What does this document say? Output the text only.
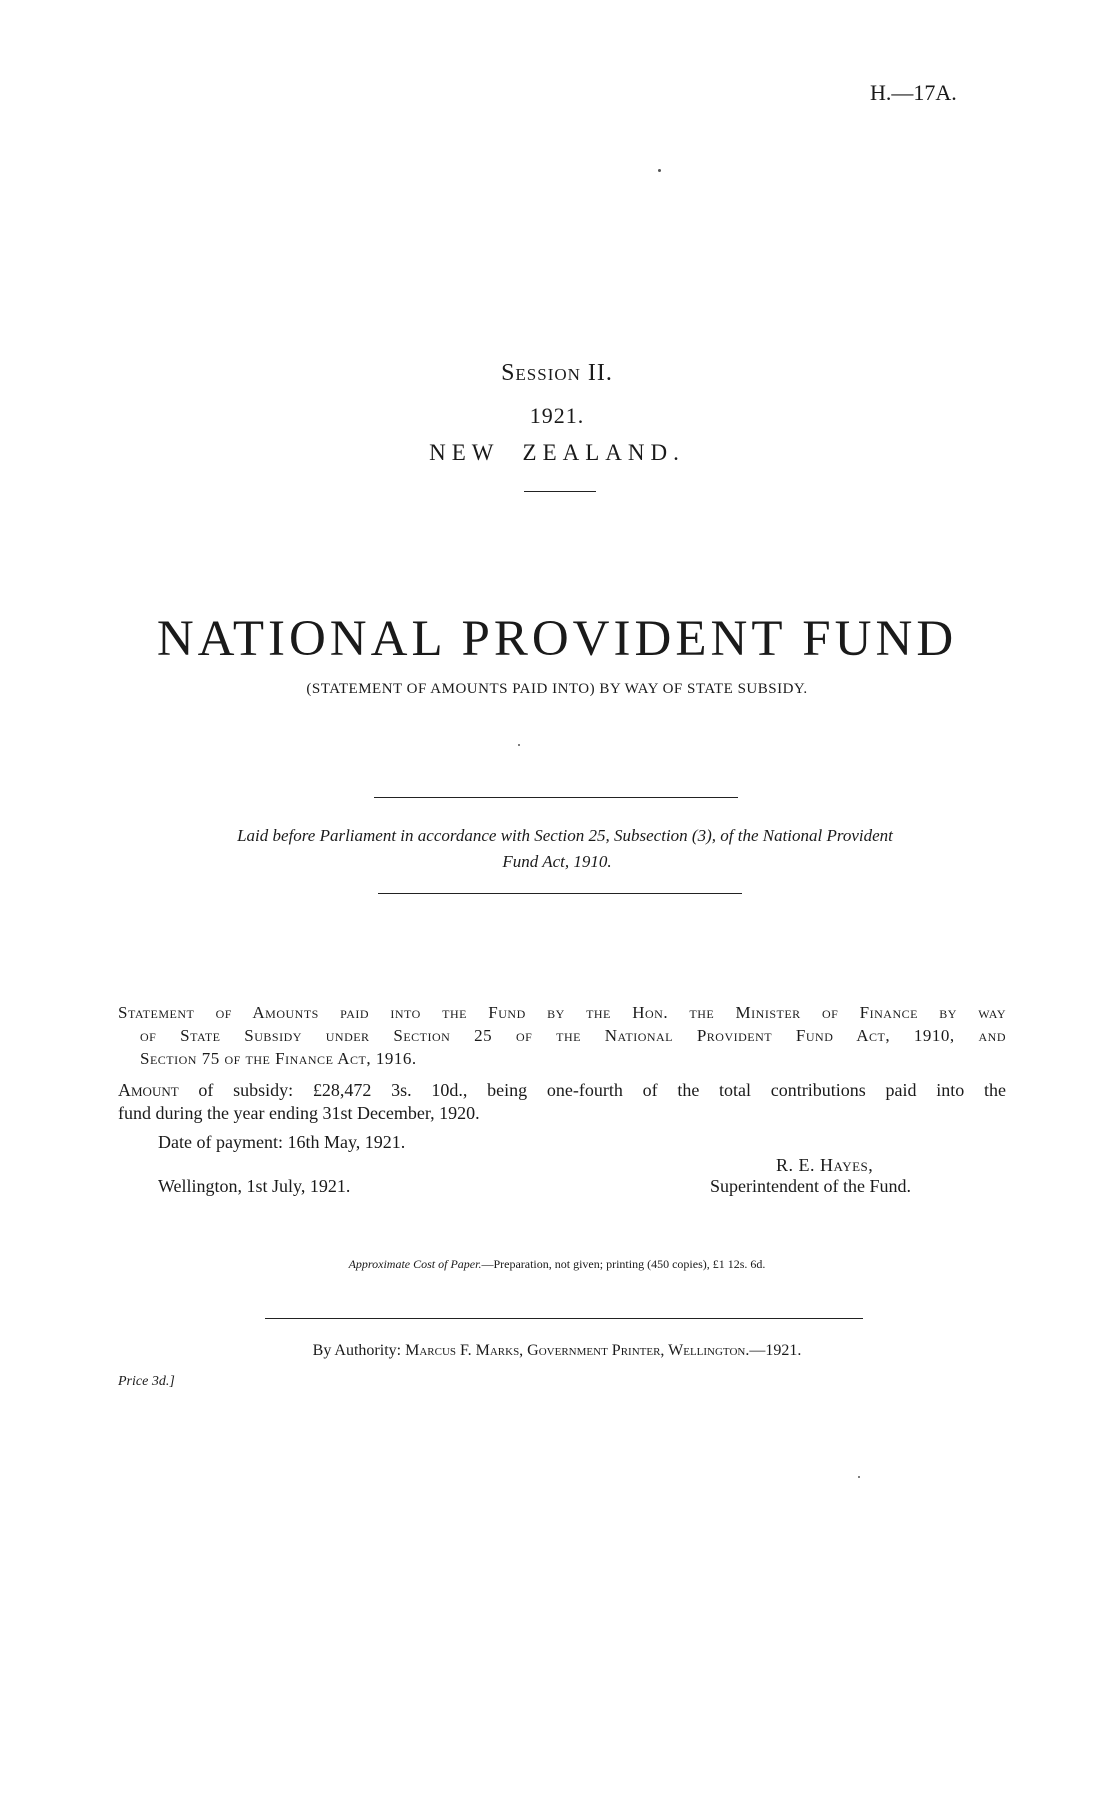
H.—17A.
Session II.
1921.
NEW  ZEALAND.
NATIONAL PROVIDENT FUND
(STATEMENT OF AMOUNTS PAID INTO) BY WAY OF STATE SUBSIDY.
Laid before Parliament in accordance with Section 25, Subsection (3), of the National Provident
Fund Act, 1910.
Statement of Amounts paid into the Fund by the Hon. the Minister of Finance by way
of State Subsidy under Section 25 of the National Provident Fund Act, 1910, and
Section 75 of the Finance Act, 1916.
Amount of subsidy: £28,472 3s. 10d., being one-fourth of the total contributions paid into the
fund during the year ending 31st December, 1920.
Date of payment: 16th May, 1921.
R. E. Hayes,
Wellington, 1st July, 1921.	Superintendent of the Fund.
Approximate Cost of Paper.—Preparation, not given; printing (450 copies), £1 12s. 6d.
By Authority: Marcus F. Marks, Government Printer, Wellington.—1921.
Price 3d.]
